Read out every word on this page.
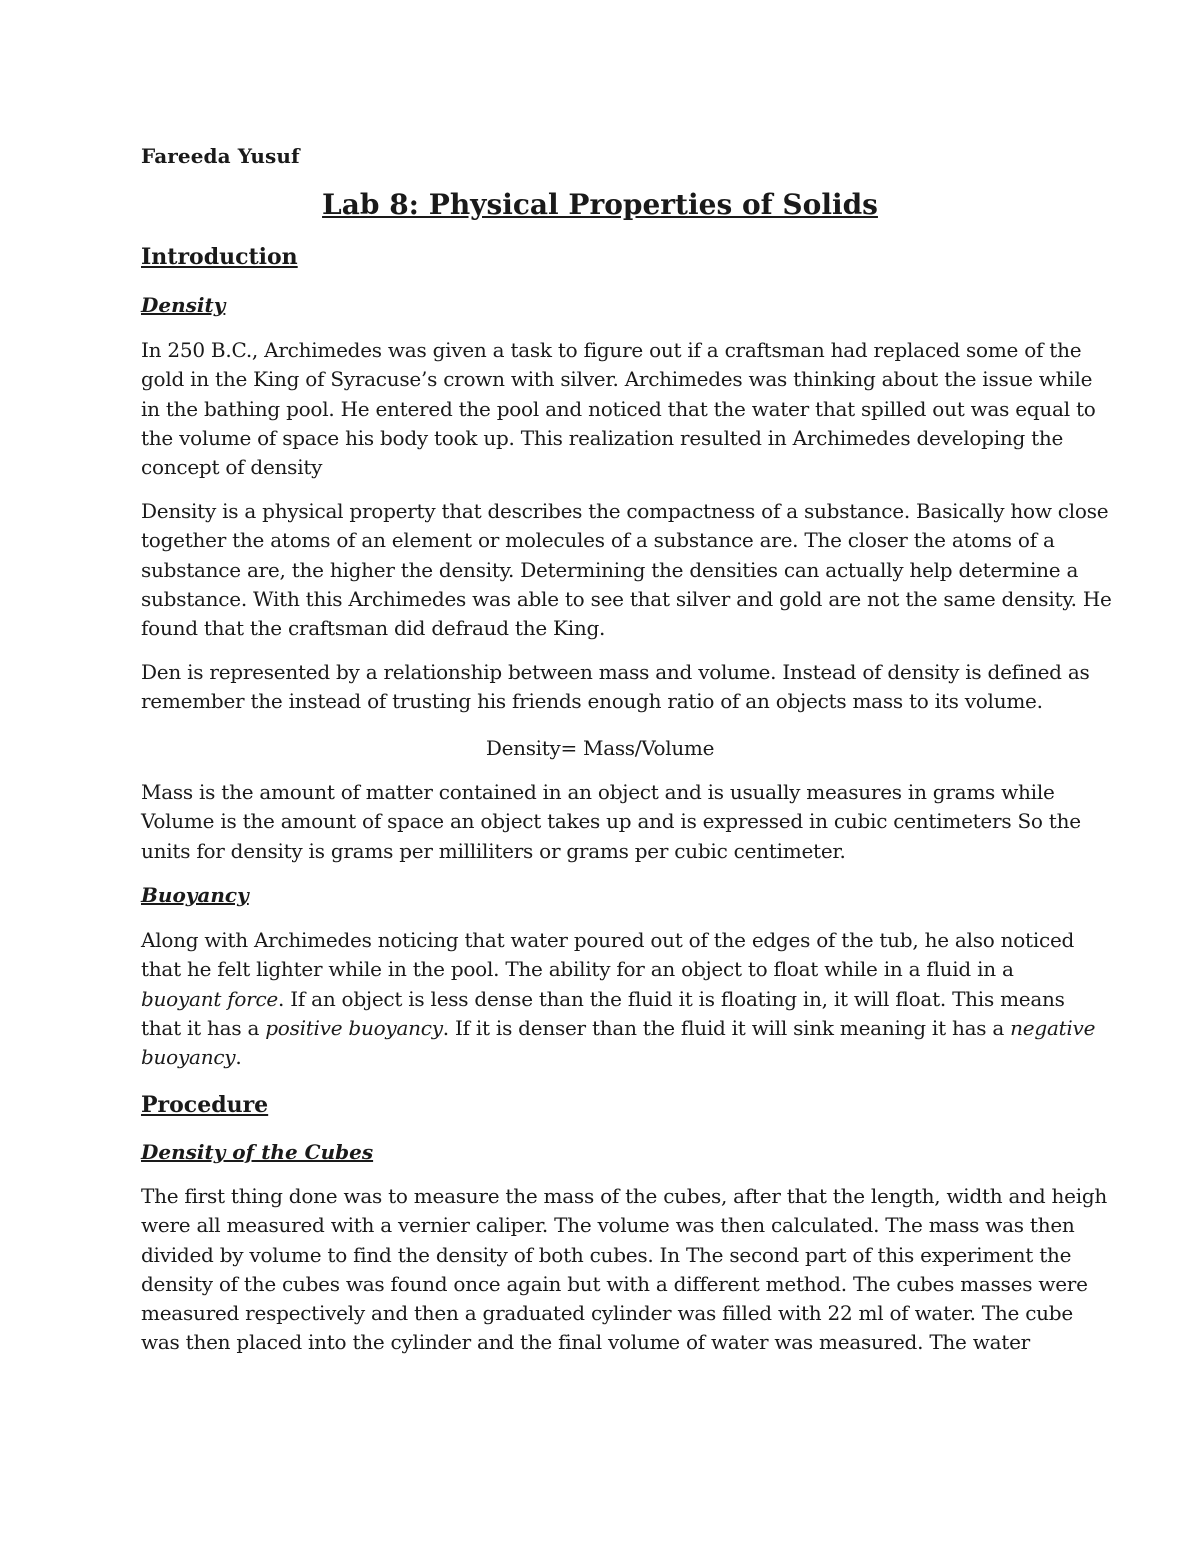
Fareeda Yusuf

Lab 8: Physical Properties of Solids
Introduction
Density

In 250 B.C., Archimedes was given a task to figure out if a craftsman had replaced some of the
gold in the King of Syracuse’s crown with silver. Archimedes was thinking about the issue while
in the bathing pool. He entered the pool and noticed that the water that spilled out was equal to
the volume of space his body took up. This realization resulted in Archimedes developing the
concept of density

Density is a physical property that describes the compactness of a substance. Basically how close
together the atoms of an element or molecules of a substance are. The closer the atoms of a
substance are, the higher the density. Determining the densities can actually help determine a
substance. With this Archimedes was able to see that silver and gold are not the same density. He
found that the craftsman did defraud the King.

Den is represented by a relationship between mass and volume. Instead of density is defined as
remember the instead of trusting his friends enough ratio of an objects mass to its volume.

Density= Mass/Volume

Mass is the amount of matter contained in an object and is usually measures in grams while
Volume is the amount of space an object takes up and is expressed in cubic centimeters So the
units for density is grams per milliliters or grams per cubic centimeter.

Buoyancy

Along with Archimedes noticing that water poured out of the edges of the tub, he also noticed
that he felt lighter while in the pool. The ability for an object to float while in a fluid in a
buoyant force. If an object is less dense than the fluid it is floating in, it will float. This means
that it has a positive buoyancy. If it is denser than the fluid it will sink meaning it has a negative
buoyancy.

Procedure
Density of the Cubes

The first thing done was to measure the mass of the cubes, after that the length, width and heigh
were all measured with a vernier caliper. The volume was then calculated. The mass was then
divided by volume to find the density of both cubes. In The second part of this experiment the
density of the cubes was found once again but with a different method. The cubes masses were
measured respectively and then a graduated cylinder was filled with 22 ml of water. The cube
was then placed into the cylinder and the final volume of water was measured. The water
